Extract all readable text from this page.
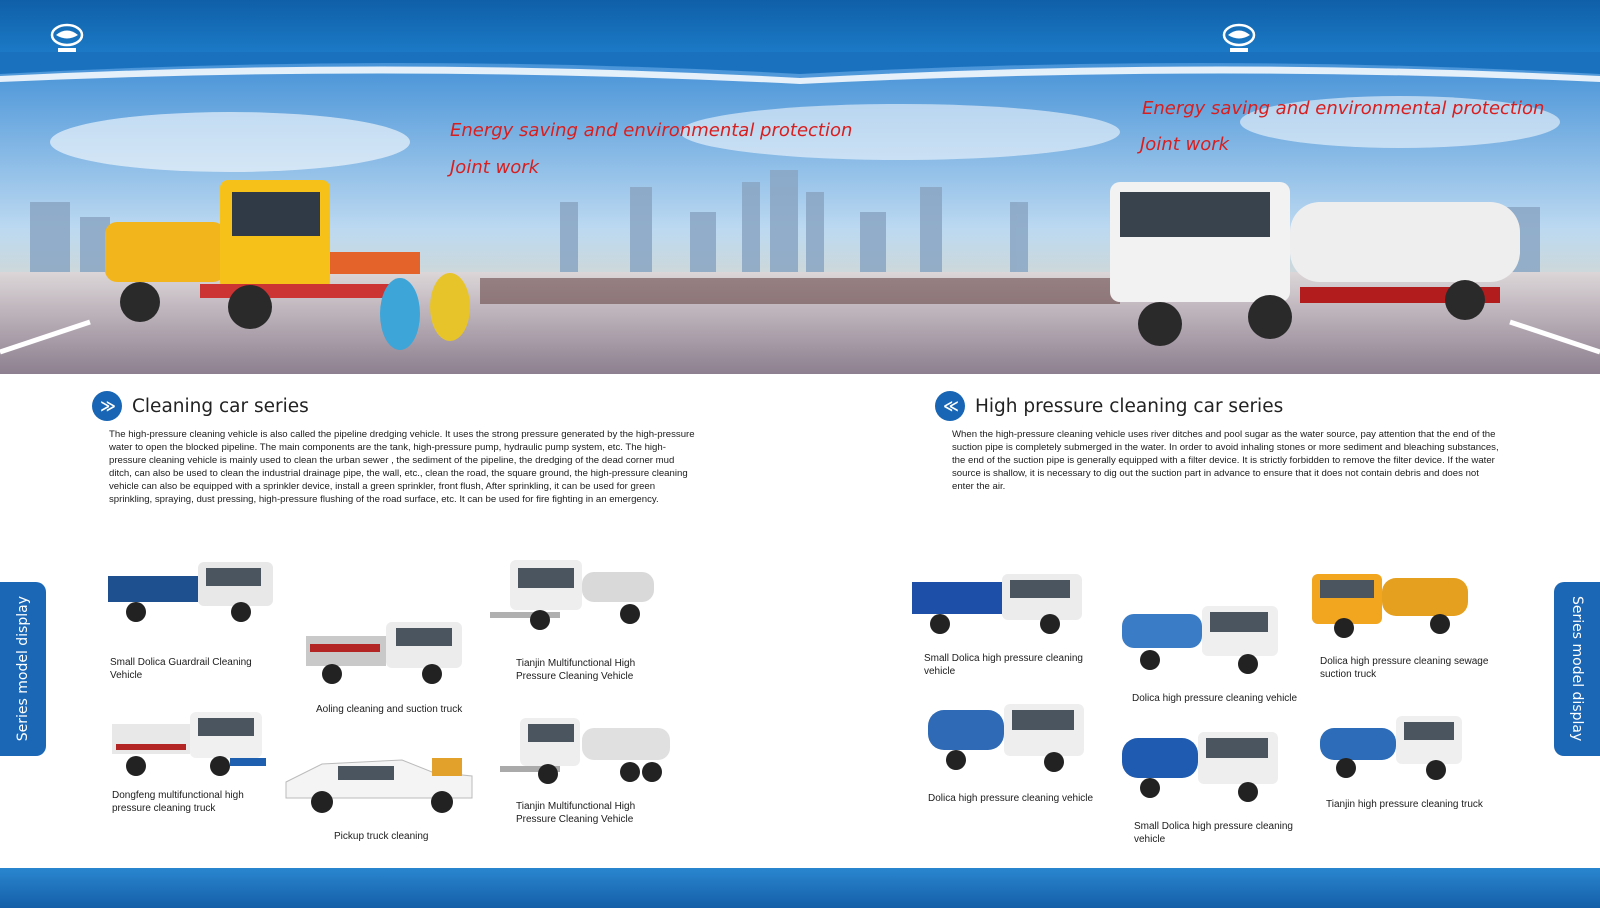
Energy saving and environmental protection
Joint work
Energy saving and environmental protection
Joint work
≫ Cleaning car series
The high-pressure cleaning vehicle is also called the pipeline dredging vehicle. It uses the strong pressure generated by the high-pressure water to open the blocked pipeline. The main components are the tank, high-pressure pump, hydraulic pump system, etc. The high-pressure cleaning vehicle is mainly used to clean the urban sewer , the sediment of the pipeline, the dredging of the dead corner mud ditch, can also be used to clean the industrial drainage pipe, the wall, etc., clean the road, the square ground, the high-pressure cleaning vehicle can also be equipped with a sprinkler device, install a green sprinkler, front flush, After sprinkling, it can be used for green sprinkling, spraying, dust pressing, high-pressure flushing of the road surface, etc. It can be used for fire fighting in an emergency.
≪ High pressure cleaning car series
When the high-pressure cleaning vehicle uses river ditches and pool sugar as the water source, pay attention that the end of the suction pipe is completely submerged in the water. In order to avoid inhaling stones or more sediment and bleaching substances, the end of the suction pipe is generally equipped with a filter device. It is strictly forbidden to remove the filter device. If the water source is shallow, it is necessary to dig out the suction part in advance to ensure that it does not contain debris and does not enter the air.
Series model display	Series model display
Small Dolica Guardrail Cleaning Vehicle
Aoling cleaning and suction truck
Tianjin Multifunctional High Pressure Cleaning Vehicle
Dongfeng multifunctional high pressure cleaning truck
Pickup truck cleaning
Tianjin Multifunctional High Pressure Cleaning Vehicle
Small Dolica high pressure cleaning vehicle
Dolica high pressure cleaning vehicle
Dolica high pressure cleaning sewage suction truck
Dolica high pressure cleaning vehicle
Small Dolica high pressure cleaning vehicle
Tianjin high pressure cleaning truck
